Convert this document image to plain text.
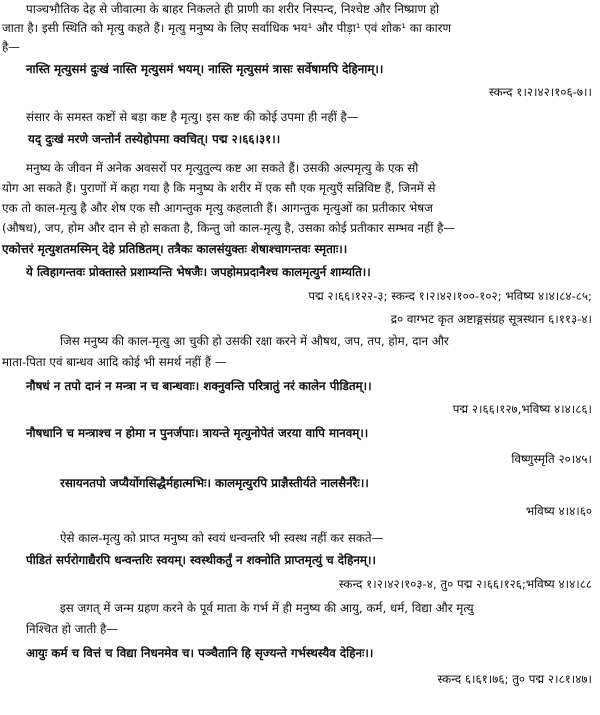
पाञ्चभौतिक देह से जीवात्मा के बाहर निकलते ही प्राणी का शरीर निस्पन्द, निश्चेष्ट और निष्प्राण हो
जाता है। इसी स्थिति को मृत्यु कहते हैं। मृत्यु मनुष्य के लिए सर्वाधिक भय¹ और पीड़ा¹ एवं शोक¹ का कारण
है—
नास्ति मृत्युसमं दुःखं नास्ति मृत्युसमं भयम्। नास्ति मृत्युसमं त्रासः सर्वेषामपि देहिनाम्।।
स्कन्द १।२।४२।१०६-७।।
संसार के समस्त कष्टों से बड़ा कष्ट है मृत्यु। इस कष्ट की कोई उपमा ही नहीं है—
यद् दुःखं मरणे जन्तोर्न तस्येहोपमा क्वचित्। पद्म २।६६।३१।।
मनुष्य के जीवन में अनेक अवसरों पर मृत्युतुल्य कष्ट आ सकते हैं। उसकी अल्पमृत्यु के एक सौ
योग आ सकते हैं। पुराणों में कहा गया है कि मनुष्य के शरीर में एक सौ एक मृत्युएँ सन्निविष्ट हैं, जिनमें से
एक तो काल-मृत्यु है और शेष एक सौ आगन्तुक मृत्यु कहलाती हैं। आगन्तुक मृत्युओं का प्रतीकार भेषज
(औषध), जप, होम और दान से हो सकता है, किन्तु जो काल-मृत्यु है, उसका कोई प्रतीकार सम्भव नहीं है—
एकोत्तरं मृत्युशतमस्मिन् देहे प्रतिष्ठितम्। तत्रैकः कालसंयुक्तः शेषाश्चागन्तवः स्मृताः।।
ये त्विहागन्तवः प्रोक्तास्ते प्रशाम्यन्ति भेषजैः। जपहोमप्रदानैश्च कालमृत्युर्न शाम्यति।।
पद्म २।६६।१२२-३; स्कन्द १।२।४२।१००-१०२; भविष्य ४।४।८४-८५;
द्र० वाग्भट कृत अष्टाङ्गसंग्रह सूत्रस्थान ६।११३-४।
जिस मनुष्य की काल-मृत्यु आ चुकी हो उसकी रक्षा करने में औषध, जप, तप, होम, दान और
माता-पिता एवं बान्धव आदि कोई भी समर्थ नहीं हैं —
नौषधं न तपो दानं न मन्त्रा न च बान्धवाः। शक्नुवन्ति परित्रातुं नरं कालेन पीडितम्।।
पद्म २।६६।१२७,भविष्य ४।४।८६।
नौषधानि च मन्त्राश्च न होमा न पुनर्जपाः। त्रायन्ते मृत्युनोपेतं जरया वापि मानवम्।।
विष्णुस्मृति २०।४५।
रसायनतपो जप्यैर्योगसिद्धैर्महात्मभिः। कालमृत्युरपि प्राज्ञैस्तीर्यते नालसैर्नरैः।।
भविष्य ४।४।६०
ऐसे काल-मृत्यु को प्राप्त मनुष्य को स्वयं धन्वन्तरि भी स्वस्थ नहीं कर सकते—
पीडितं सर्परोगाद्यैरपि धन्वन्तरिः स्वयम्। स्वस्थीकर्तुं न शक्नोति प्राप्तमृत्युं च देहिनम्।।
स्कन्द १।२।४२।१०३-४, तु० पद्म २।६६।१२६;भविष्य ४।४।८८
इस जगत् में जन्म ग्रहण करने के पूर्व माता के गर्भ में ही मनुष्य की आयु, कर्म, धर्म, विद्या और मृत्यु
निश्चित हो जाती है—
आयुः कर्म च वित्तं च विद्या निधनमेव च। पञ्चैतानि हि सृज्यन्ते गर्भस्थस्यैव देहिनः।।
स्कन्द ६।६१।७६; तु० पद्म २।८१।४७।
